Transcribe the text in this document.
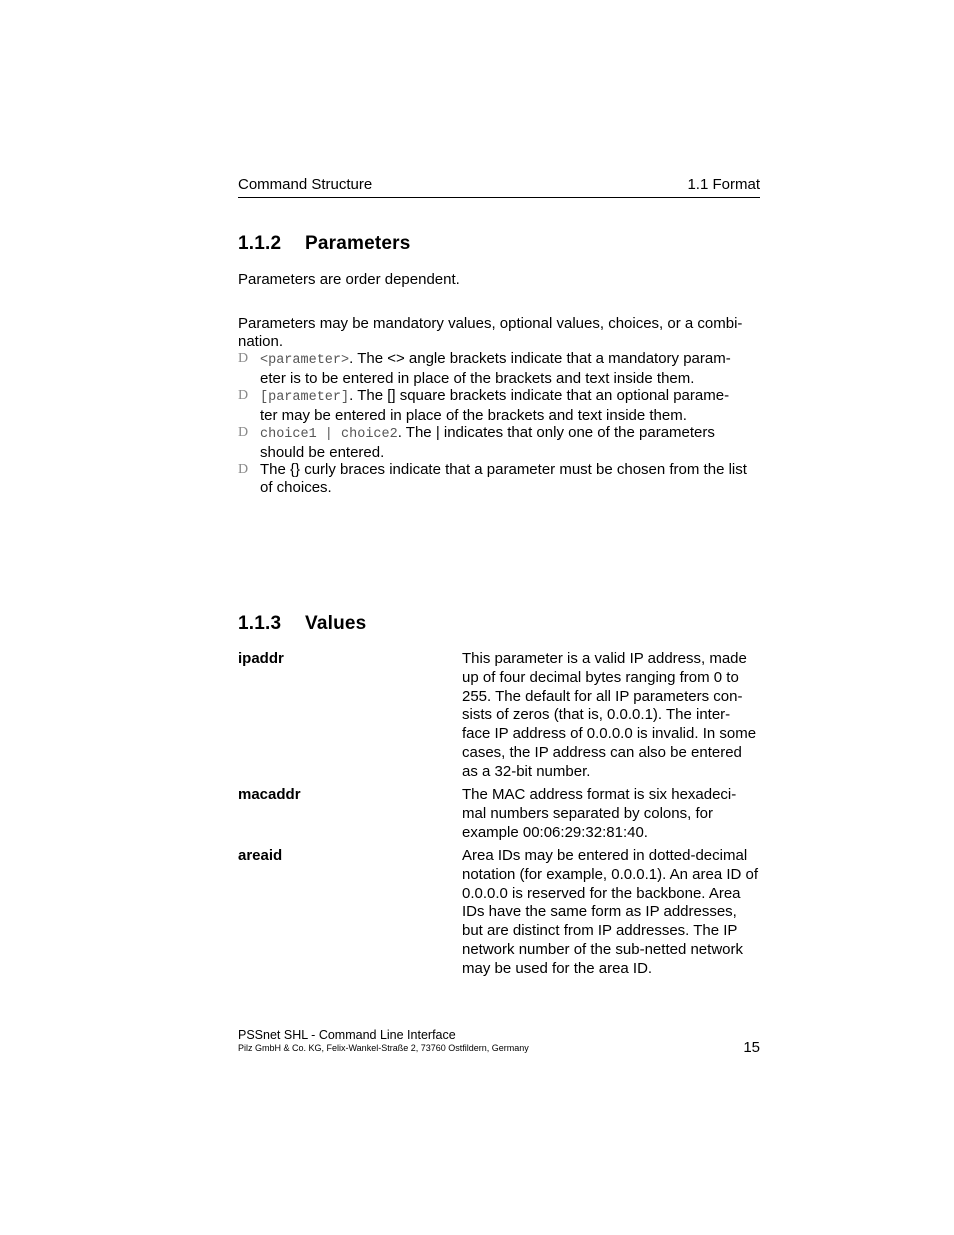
Command Structure	1.1 Format
1.1.2 Parameters

Parameters are order dependent.

Parameters may be mandatory values, optional values, choices, or a combi-
nation.

D <parameter>. The <> angle brackets indicate that a mandatory param-
eter is to be entered in place of the brackets and text inside them.
D [parameter]. The [] square brackets indicate that an optional parame-
ter may be entered in place of the brackets and text inside them.
D choice1 | choice2. The | indicates that only one of the parameters
should be entered.
D The {} curly braces indicate that a parameter must be chosen from the list
of choices.
1.1.3 Values
ipaddr	This parameter is a valid IP address, made up of four decimal bytes ranging from 0 to 255. The default for all IP parameters con-
sists of zeros (that is, 0.0.0.1). The inter-
face IP address of 0.0.0.0 is invalid. In some cases, the IP address can also be entered as a 32-bit number.
macaddr	The MAC address format is six hexadeci-
mal numbers separated by colons, for example 00:06:29:32:81:40.
areaid	Area IDs may be entered in dotted-decimal notation (for example, 0.0.0.1). An area ID of 0.0.0.0 is reserved for the backbone. Area IDs have the same form as IP addresses, but are distinct from IP addresses. The IP network number of the sub-netted network may be used for the area ID.
PSSnet SHL - Command Line Interface
Pilz GmbH & Co. KG, Felix-Wankel-Straße 2, 73760 Ostfildern, Germany	15
